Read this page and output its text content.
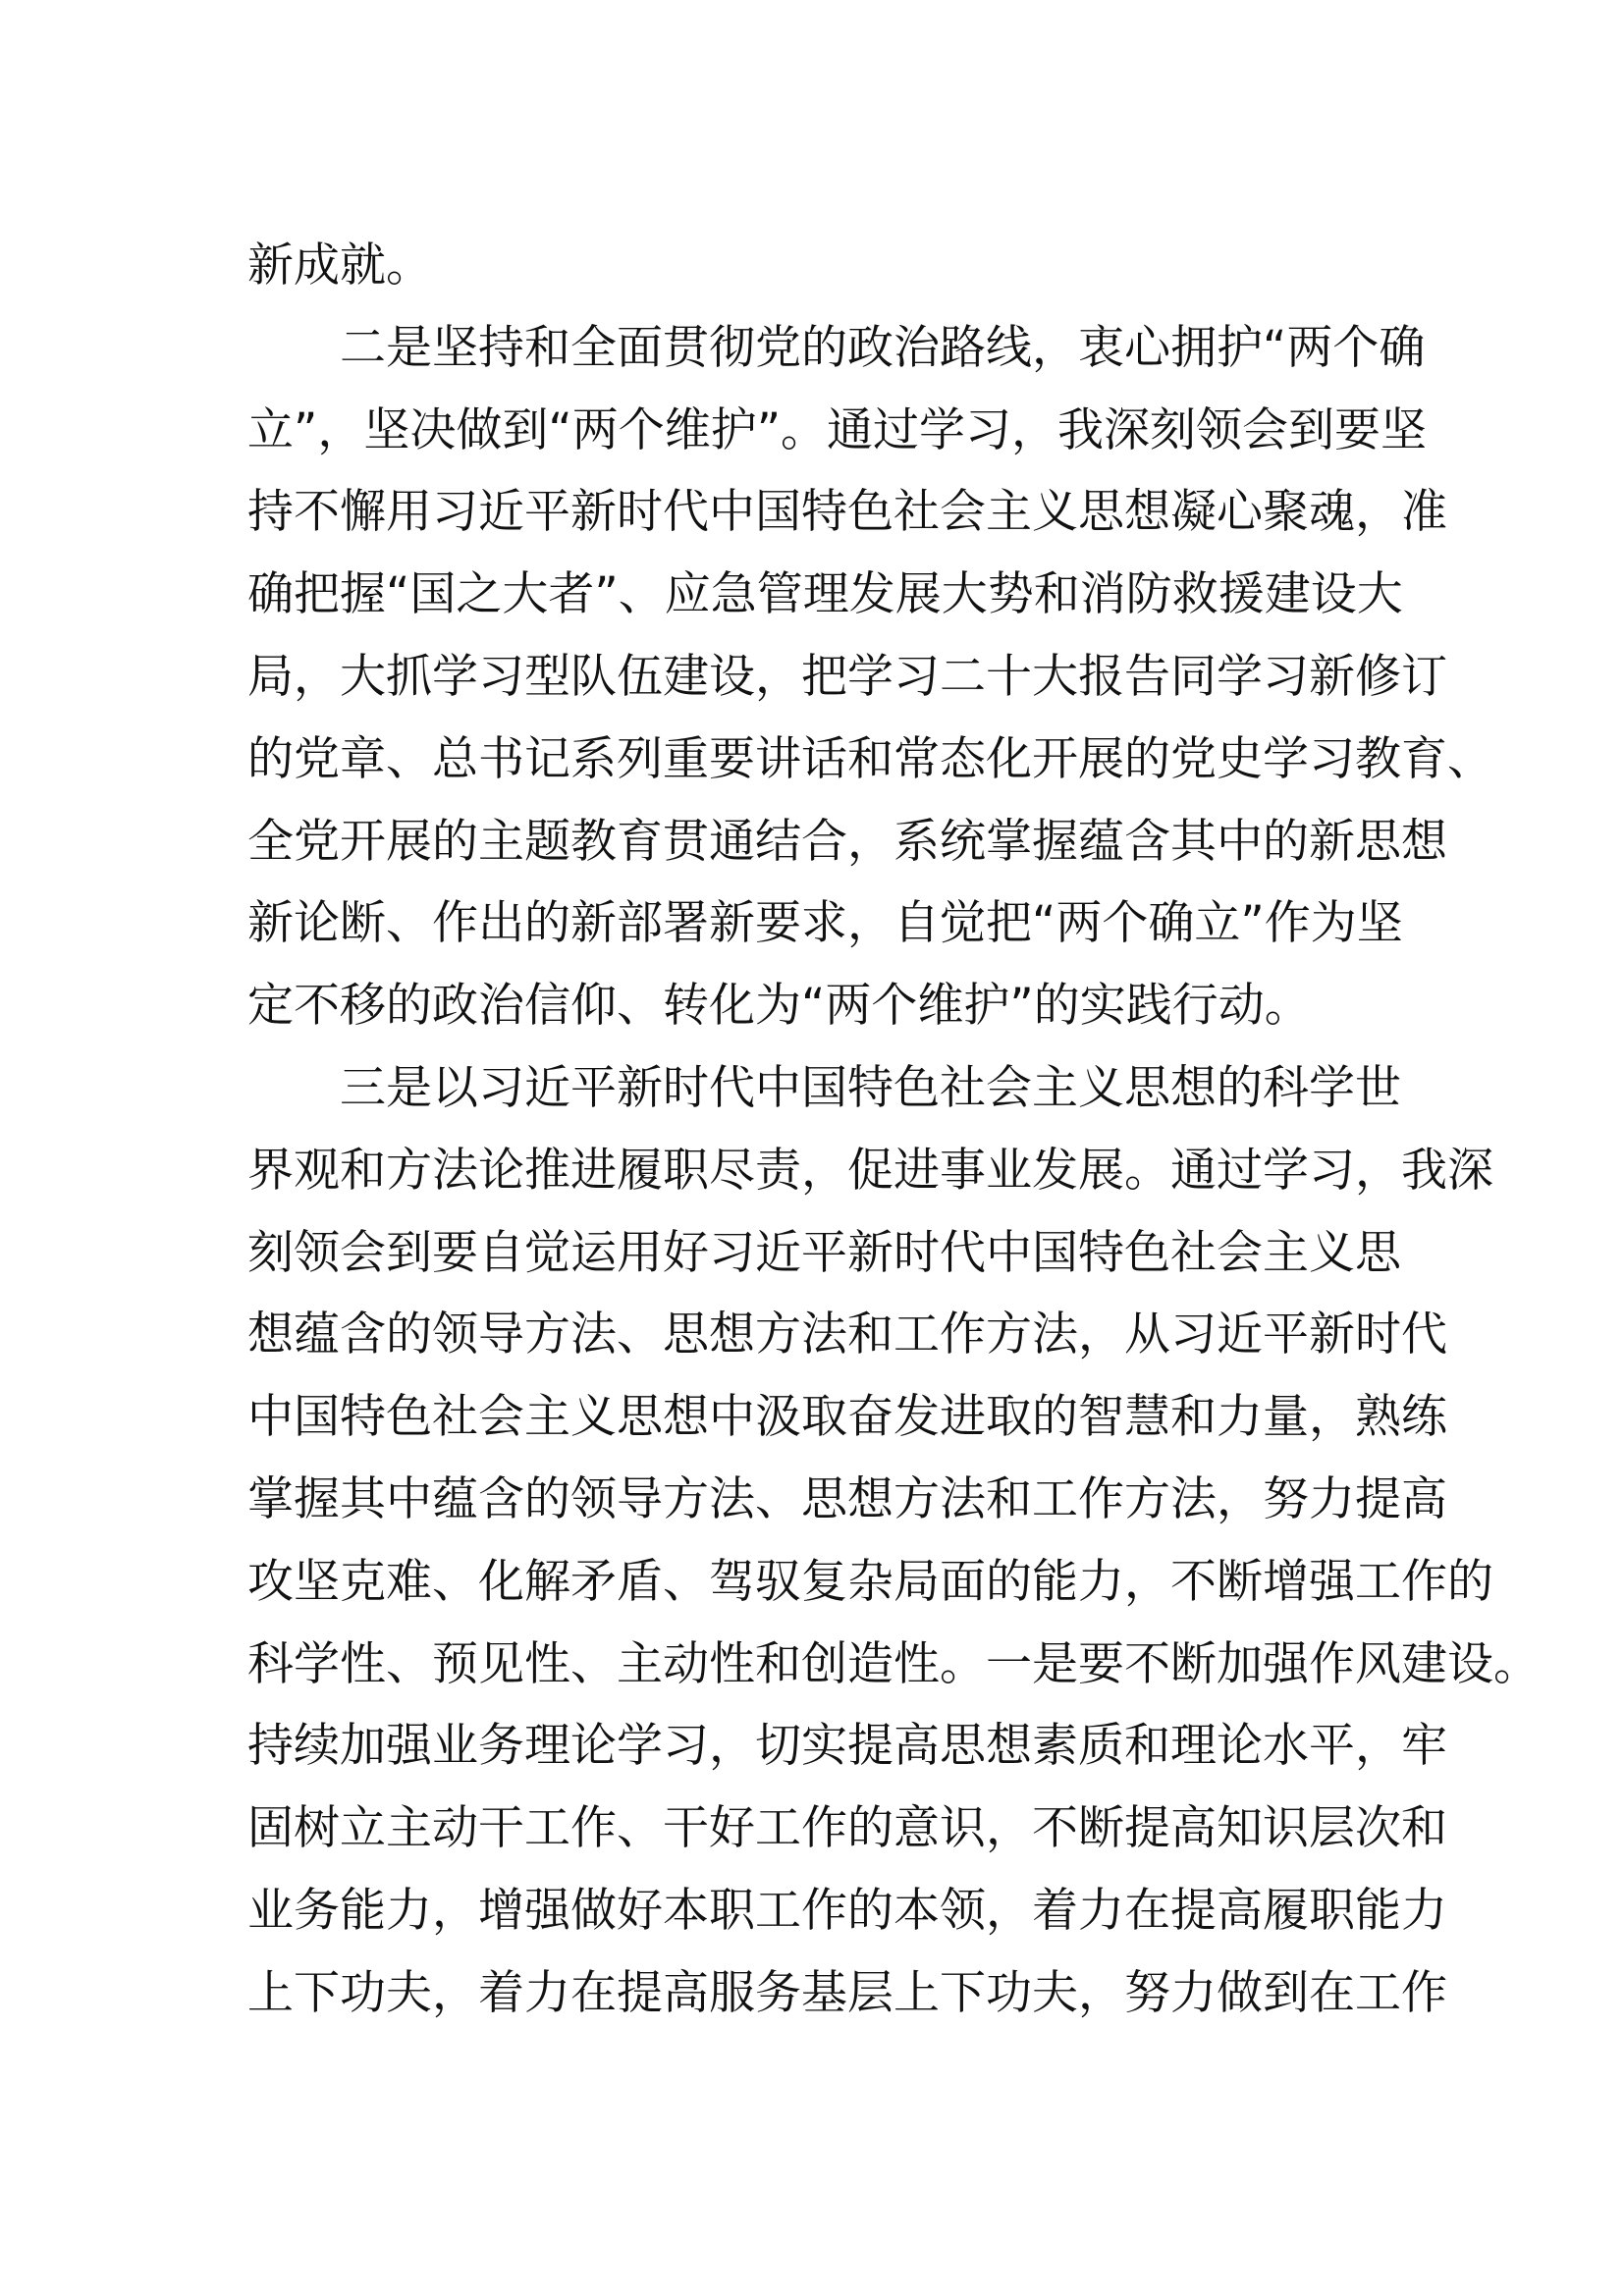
新成就。
二是坚持和全面贯彻党的政治路线，衷心拥护“两个确
立”，坚决做到“两个维护”。通过学习，我深刻领会到要坚
持不懈用习近平新时代中国特色社会主义思想凝心聚魂，准
确把握“国之大者”、应急管理发展大势和消防救援建设大
局，大抓学习型队伍建设，把学习二十大报告同学习新修订
的党章、总书记系列重要讲话和常态化开展的党史学习教育、
全党开展的主题教育贯通结合，系统掌握蕴含其中的新思想
新论断、作出的新部署新要求，自觉把“两个确立”作为坚
定不移的政治信仰、转化为“两个维护”的实践行动。
三是以习近平新时代中国特色社会主义思想的科学世
界观和方法论推进履职尽责，促进事业发展。通过学习，我深
刻领会到要自觉运用好习近平新时代中国特色社会主义思
想蕴含的领导方法、思想方法和工作方法，从习近平新时代
中国特色社会主义思想中汲取奋发进取的智慧和力量，熟练
掌握其中蕴含的领导方法、思想方法和工作方法，努力提高
攻坚克难、化解矛盾、驾驭复杂局面的能力，不断增强工作的
科学性、预见性、主动性和创造性。一是要不断加强作风建设。
持续加强业务理论学习，切实提高思想素质和理论水平，牢
固树立主动干工作、干好工作的意识，不断提高知识层次和
业务能力，增强做好本职工作的本领，着力在提高履职能力
上下功夫，着力在提高服务基层上下功夫，努力做到在工作
